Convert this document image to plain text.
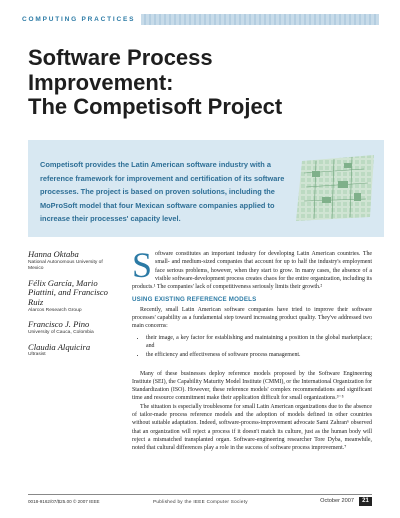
COMPUTING PRACTICES
Software Process
Improvement:
The Competisoft Project

Competisoft provides the Latin American software industry with a reference framework for improvement and certification of its software processes. The project is based on proven solutions, including the MoProSoft model that four Mexican software companies applied to increase their processes' capacity level.

Hanna Oktaba
National Autonomous University of Mexico
Félix García, Mario Piattini, and Francisco Ruiz
Alarcos Research Group
Francisco J. Pino
University of Cauca, Colombia
Claudia Alquicira
Ultrasist

Software constitutes an important industry for developing Latin American countries. The small- and medium-sized companies that account for up to half the industry's employment face serious problems, however, when they start to grow. In many cases, the absence of a visible software-development process creates chaos for the entire organization, including its products.¹ The companies' lack of competitiveness seriously limits their growth.²

USING EXISTING REFERENCE MODELS

Recently, small Latin American software companies have tried to improve their software processes' capability as a fundamental step toward increasing product quality. They've addressed two main concerns:

• their image, a key factor for establishing and maintaining a position in the global marketplace; and
• the efficiency and effectiveness of software process management.

Many of these businesses deploy reference models proposed by the Software Engineering Institute (SEI), the Capability Maturity Model Institute (CMMI), or the International Organization for Standardization (ISO). However, these reference models' complex recommendations and significant time and resource commitment make their application difficult for small organizations.³⁻⁵

The situation is especially troublesome for small Latin American organizations due to the absence of tailor-made process reference models and the adoption of models defined in other countries without suitable adaptation. Indeed, software-process-improvement advocate Sami Zahran⁶ observed that an organization will reject a process if it doesn't match its culture, just as the human body will reject a mismatched transplanted organ. Software-engineering researcher Tore Dyba, meanwhile, noted that cultural differences play a role in the success of software process improvement.⁷

0018-9162/07/$25.00 © 2007 IEEE	Published by the IEEE Computer Society	October 2007	21
